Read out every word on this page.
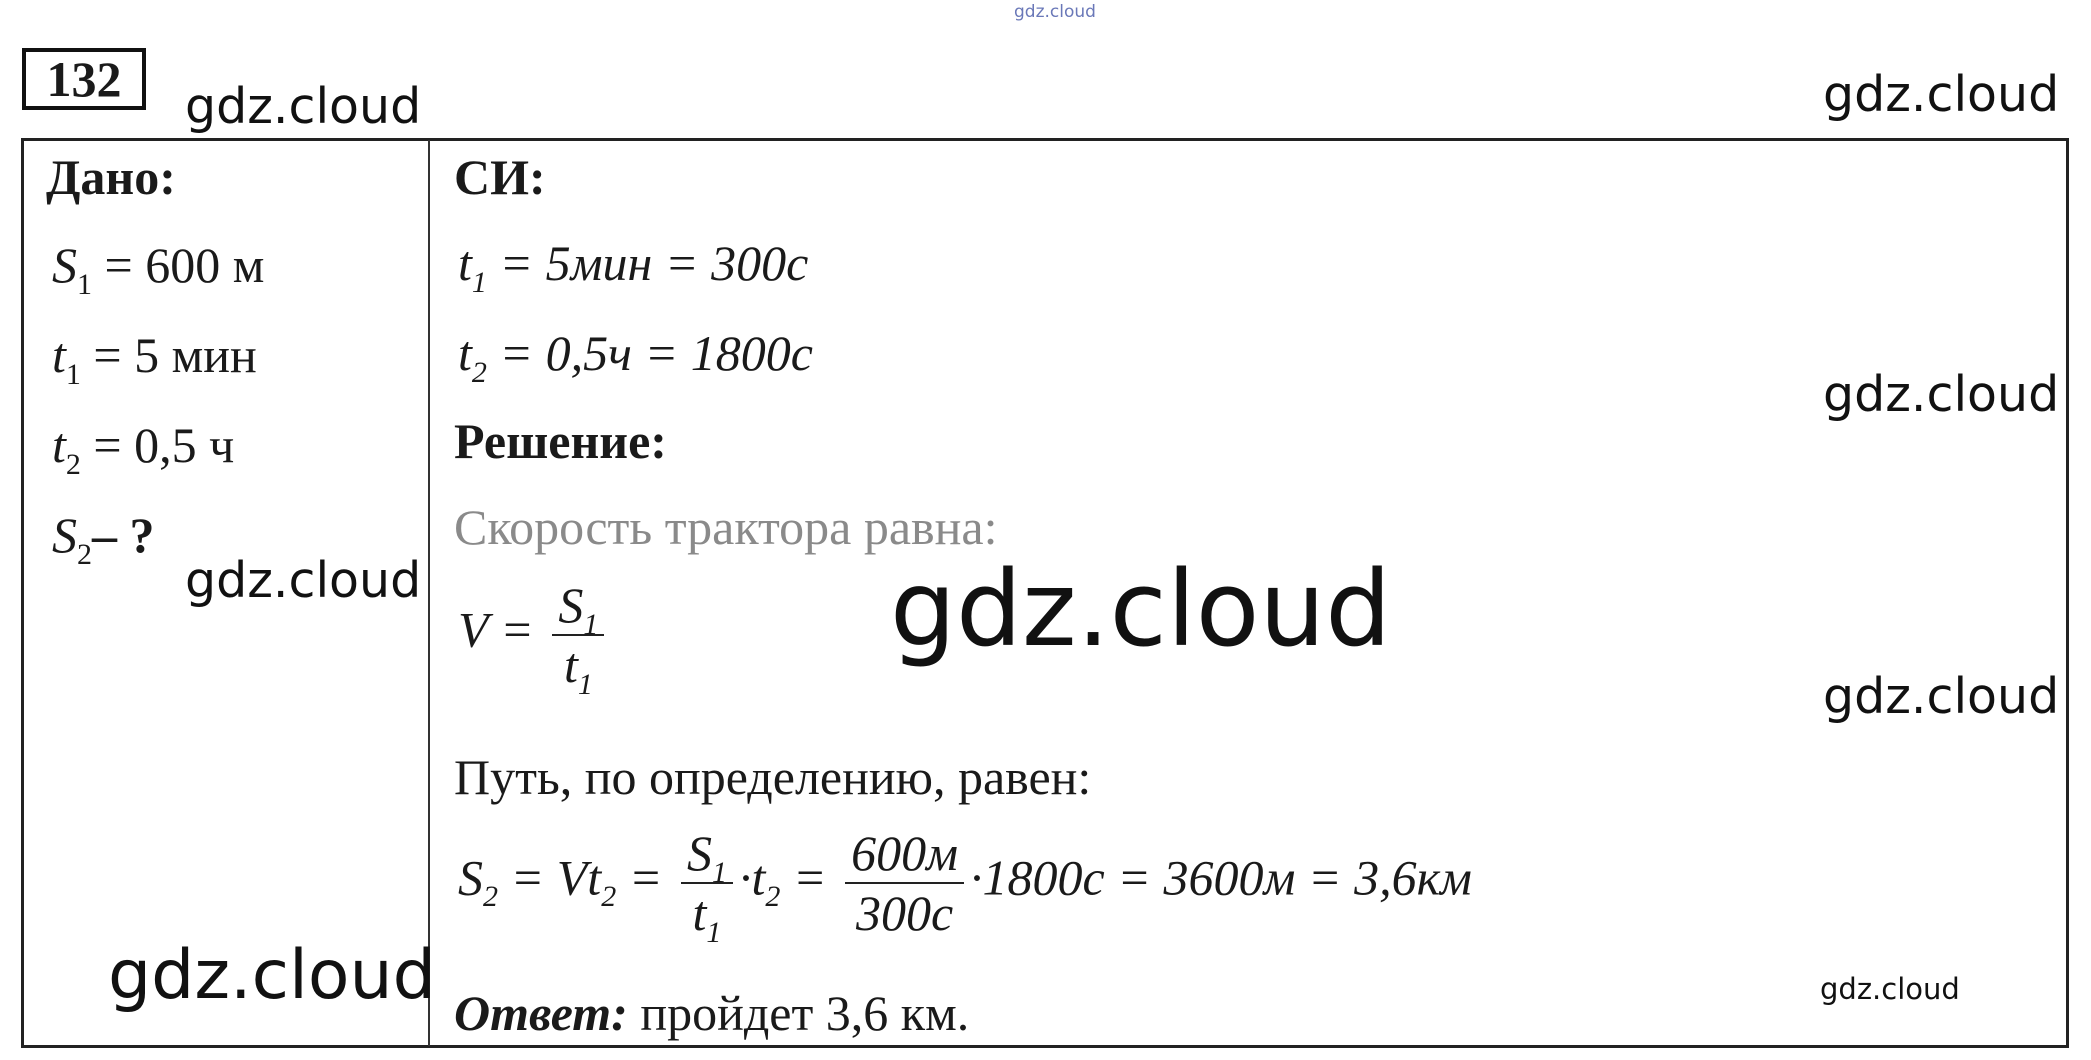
gdz.cloud
gdz.cloud	gdz.cloud
132
Дано:
$S_1 = 600$ м
$t_1 = 5$ мин
$t_2 = 0,5$ ч
$S_2-$ ?
gdz.cloud
gdz.cloud
СИ:
$t_1 = 5мин = 300с$
$t_2 = 0,5ч = 1800с$
Решение:
Скорость трактора равна:
$V = \frac{S_1}{t_1}$
Путь, по определению, равен:
$S_2 = Vt_2 = \frac{S_1}{t_1} \cdot t_2 = \frac{600м}{300с} \cdot 1800с = 3600м = 3,6км$
Ответ: пройдет 3,6 км.
gdz.cloud
gdz.cloud
gdz.cloud
gdz.cloud
